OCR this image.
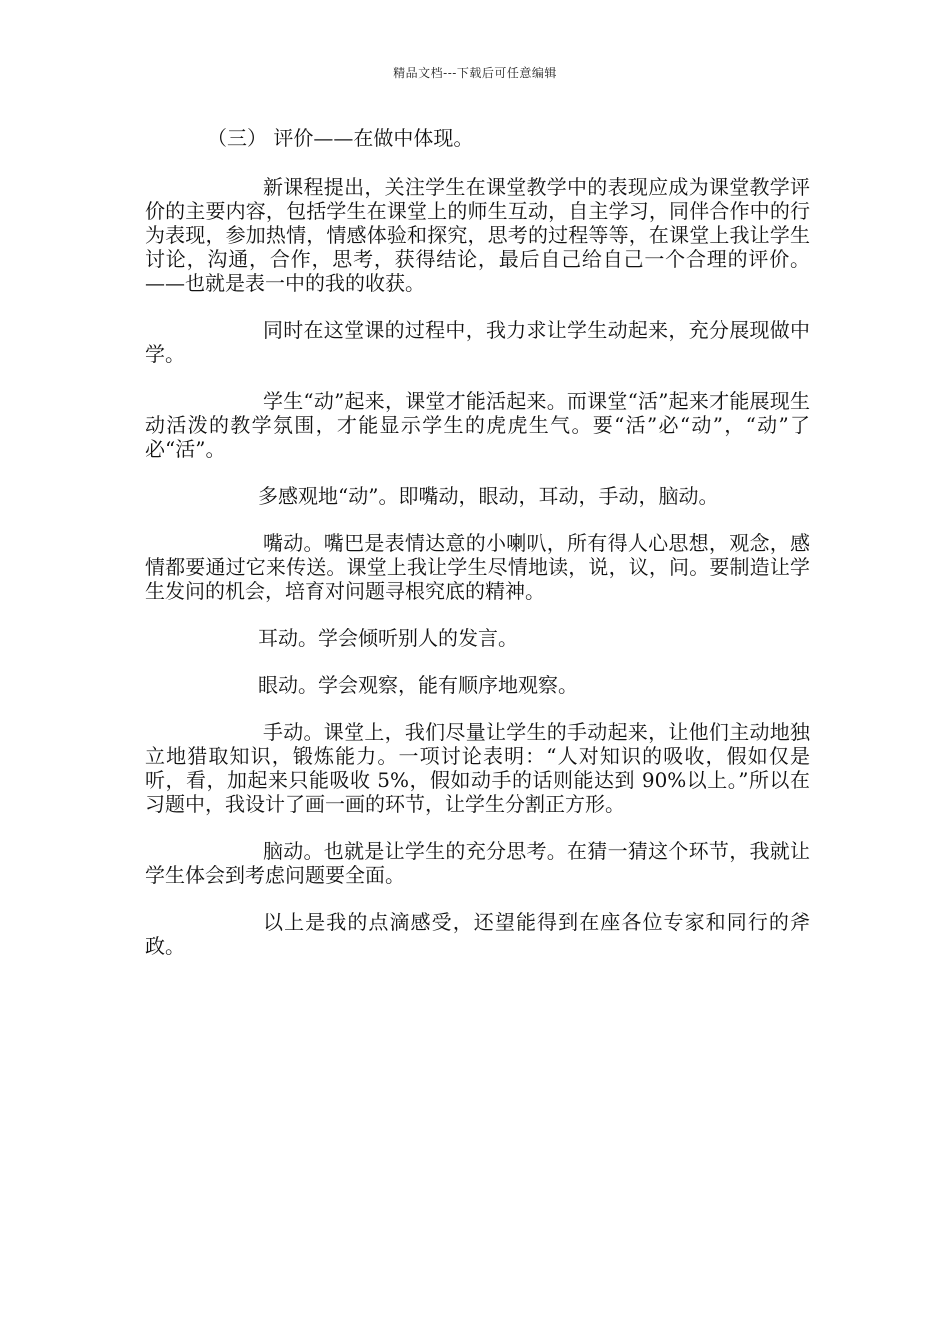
精品文档---下载后可任意编辑
（三） 评价——在做中体现。

新课程提出，关注学生在课堂教学中的表现应成为课堂教学评价的主要内容，包括学生在课堂上的师生互动，自主学习，同伴合作中的行为表现，参加热情，情感体验和探究，思考的过程等等，在课堂上我让学生讨论，沟通，合作，思考，获得结论，最后自己给自己一个合理的评价。——也就是表一中的我的收获。

同时在这堂课的过程中，我力求让学生动起来，充分展现做中学。

学生“动”起来，课堂才能活起来。而课堂“活”起来才能展现生动活泼的教学氛围，才能显示学生的虎虎生气。要“活”必“动”，“动”了必“活”。

多感观地“动”。即嘴动，眼动，耳动，手动，脑动。

嘴动。嘴巴是表情达意的小喇叭，所有得人心思想，观念，感情都要通过它来传送。课堂上我让学生尽情地读，说，议，问。要制造让学生发问的机会，培育对问题寻根究底的精神。

耳动。学会倾听别人的发言。

眼动。学会观察，能有顺序地观察。

手动。课堂上，我们尽量让学生的手动起来，让他们主动地独立地猎取知识，锻炼能力。一项讨论表明：“人对知识的吸收，假如仅是听，看，加起来只能吸收 5%，假如动手的话则能达到 90%以上。”所以在习题中，我设计了画一画的环节，让学生分割正方形。

脑动。也就是让学生的充分思考。在猜一猜这个环节，我就让学生体会到考虑问题要全面。

以上是我的点滴感受，还望能得到在座各位专家和同行的斧政。
